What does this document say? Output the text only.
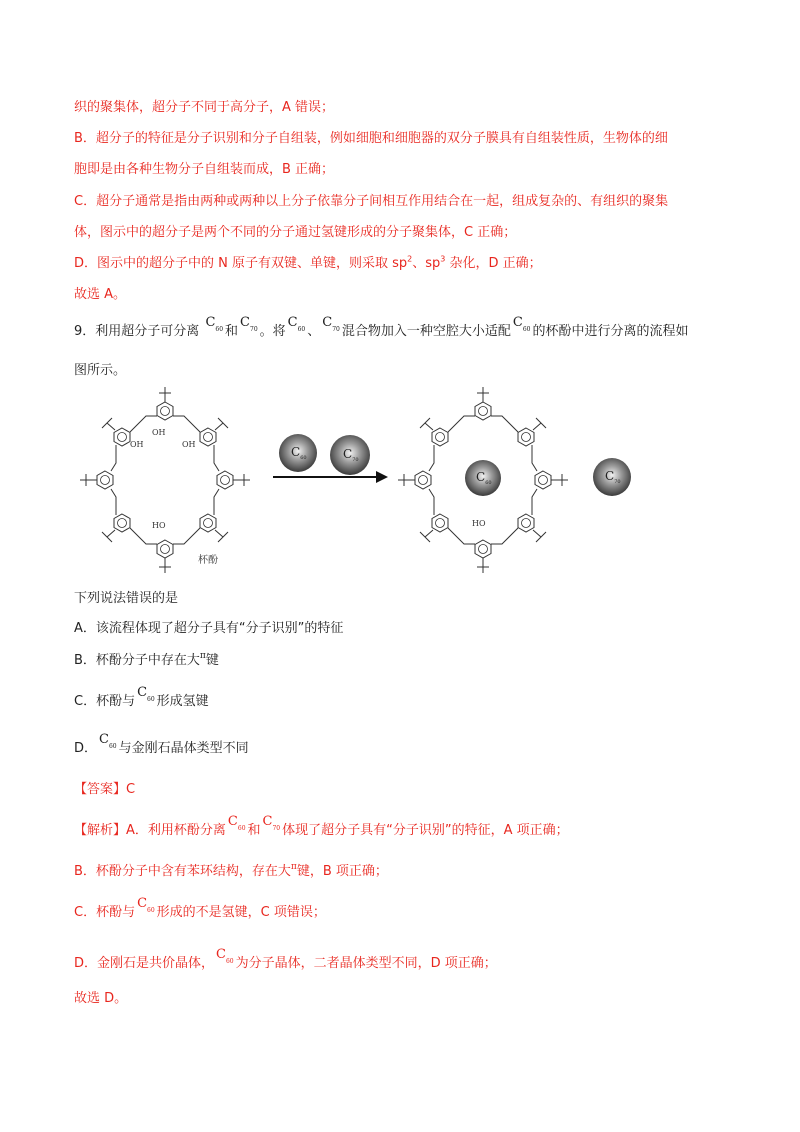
织的聚集体，超分子不同于高分子，A 错误；
B．超分子的特征是分子识别和分子自组装，例如细胞和细胞器的双分子膜具有自组装性质，生物体的细
胞即是由各种生物分子自组装而成，B 正确；
C．超分子通常是指由两种或两种以上分子依靠分子间相互作用结合在一起，组成复杂的、有组织的聚集
体，图示中的超分子是两个不同的分子通过氢键形成的分子聚集体，C 正确；
D．图示中的超分子中的 N 原子有双键、单键，则采取 $sp^2$、$sp^3$ 杂化，D 正确；
故选 A。
9．利用超分子可分离 $C^{60}$ 和$C^{70}$ 。将$C^{60}$ 、$C^{70}$ 混合物加入一种空腔大小适配$C^{60}$ 的杯酚中进行分离的流程如
图所示。
OH
OH	OH
HO
杯酚
$C_{60}$	$C_{70}$
$C_{60}$
HO
$C_{70}$
下列说法错误的是
A．该流程体现了超分子具有“分子识别”的特征
B．杯酚分子中存在大$^\pi$键
C．杯酚与$C^{60}$ 形成氢键
D．$C^{60}$ 与金刚石晶体类型不同
【答案】C
【解析】A．利用杯酚分离$C^{60}$ 和$C^{70}$ 体现了超分子具有“分子识别”的特征，A 项正确；
B．杯酚分子中含有苯环结构，存在大$^\pi$键，B 项正确；
C．杯酚与$C^{60}$ 形成的不是氢键，C 项错误；
D．金刚石是共价晶体，$C^{60}$ 为分子晶体，二者晶体类型不同，D 项正确；
故选 D。
